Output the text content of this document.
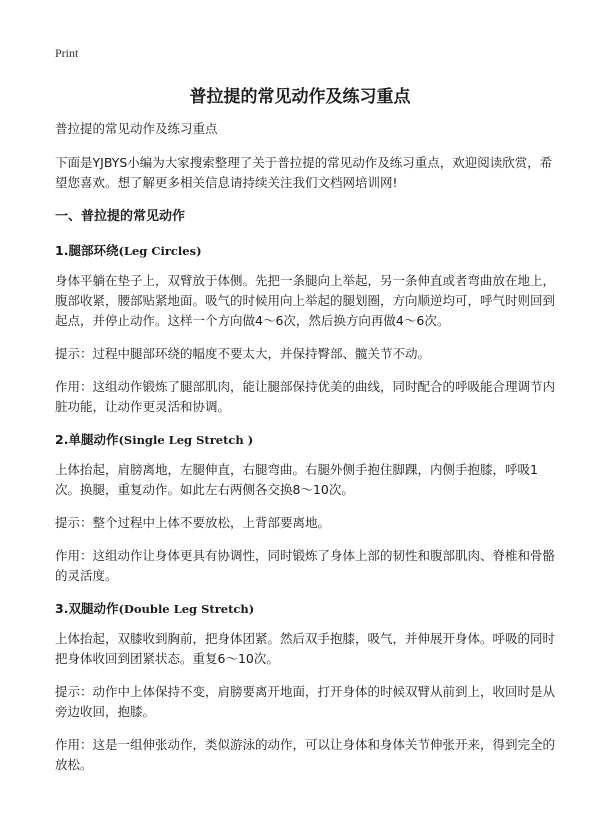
Print
普拉提的常见动作及练习重点

普拉提的常见动作及练习重点

下面是YJBYS小编为大家搜索整理了关于普拉提的常见动作及练习重点，欢迎阅读欣赏，希望您喜欢。想了解更多相关信息请持续关注我们文档网培训网!

一、普拉提的常见动作
1.腿部环绕(Leg Circles)

身体平躺在垫子上，双臂放于体侧。先把一条腿向上举起，另一条伸直或者弯曲放在地上，腹部收紧，腰部贴紧地面。吸气的时候用向上举起的腿划圈，方向顺逆均可，呼气时则回到起点，并停止动作。这样一个方向做4～6次，然后换方向再做4～6次。

提示：过程中腿部环绕的幅度不要太大，并保持臀部、髋关节不动。

作用：这组动作锻炼了腿部肌肉，能让腿部保持优美的曲线，同时配合的呼吸能合理调节内脏功能，让动作更灵活和协调。

2.单腿动作(Single Leg Stretch )

上体抬起，肩膀离地，左腿伸直，右腿弯曲。右腿外侧手抱住脚踝，内侧手抱膝，呼吸1次。换腿，重复动作。如此左右两侧各交换8～10次。

提示：整个过程中上体不要放松，上背部要离地。

作用：这组动作让身体更具有协调性，同时锻炼了身体上部的韧性和腹部肌肉、脊椎和骨骼的灵活度。

3.双腿动作(Double Leg Stretch)

上体抬起，双膝收到胸前，把身体团紧。然后双手抱膝，吸气，并伸展开身体。呼吸的同时把身体收回到团紧状态。重复6～10次。

提示：动作中上体保持不变，肩膀要离开地面，打开身体的时候双臂从前到上，收回时是从旁边收回，抱膝。

作用：这是一组伸张动作，类似游泳的动作，可以让身体和身体关节伸张开来，得到完全的放松。
